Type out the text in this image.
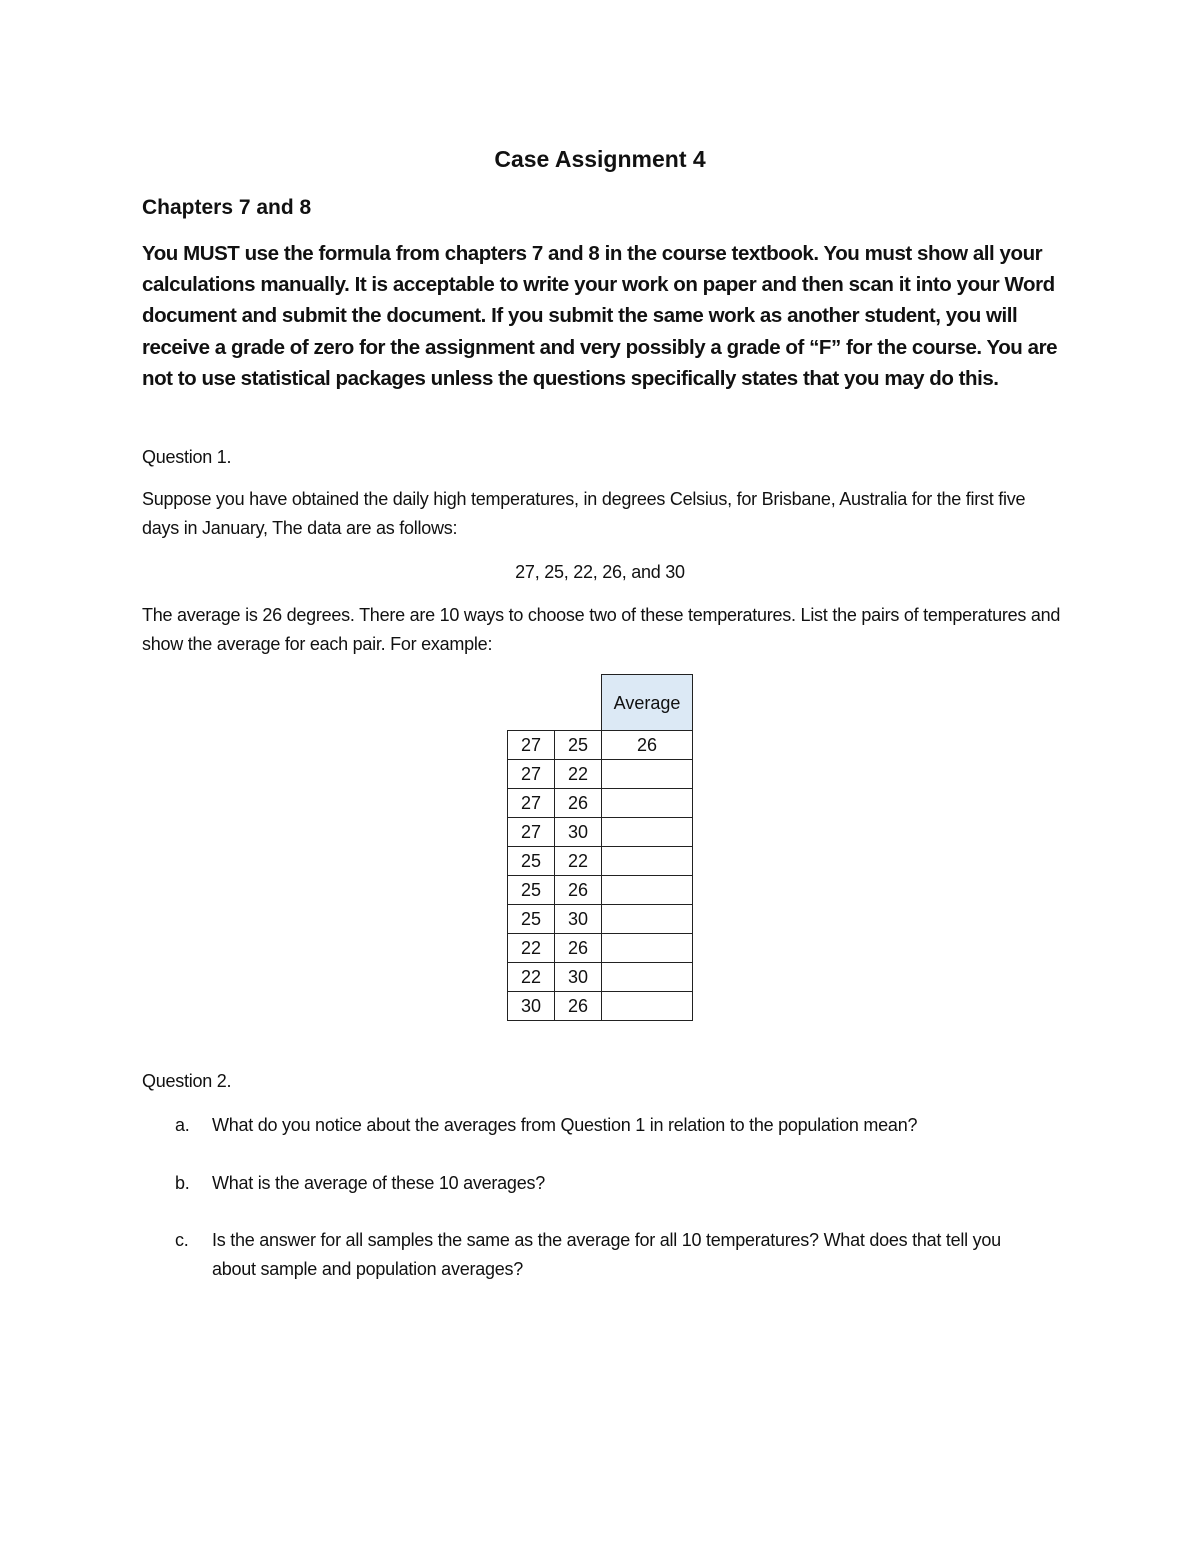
Case Assignment 4
Chapters 7 and 8
You MUST use the formula from chapters 7 and 8 in the course textbook. You must show all your calculations manually. It is acceptable to write your work on paper and then scan it into your Word document and submit the document. If you submit the same work as another student, you will receive a grade of zero for the assignment and very possibly a grade of “F” for the course. You are not to use statistical packages unless the questions specifically states that you may do this.
Question 1.
Suppose you have obtained the daily high temperatures, in degrees Celsius, for Brisbane, Australia for the first five days in January, The data are as follows:
27, 25, 22, 26, and 30
The average is 26 degrees. There are 10 ways to choose two of these temperatures. List the pairs of temperatures and show the average for each pair. For example:
		Average
27	25	26
27	22	
27	26	
27	30	
25	22	
25	26	
25	30	
22	26	
22	30	
30	26	
Question 2.
a. What do you notice about the averages from Question 1 in relation to the population mean?
b. What is the average of these 10 averages?
c. Is the answer for all samples the same as the average for all 10 temperatures? What does that tell you about sample and population averages?
